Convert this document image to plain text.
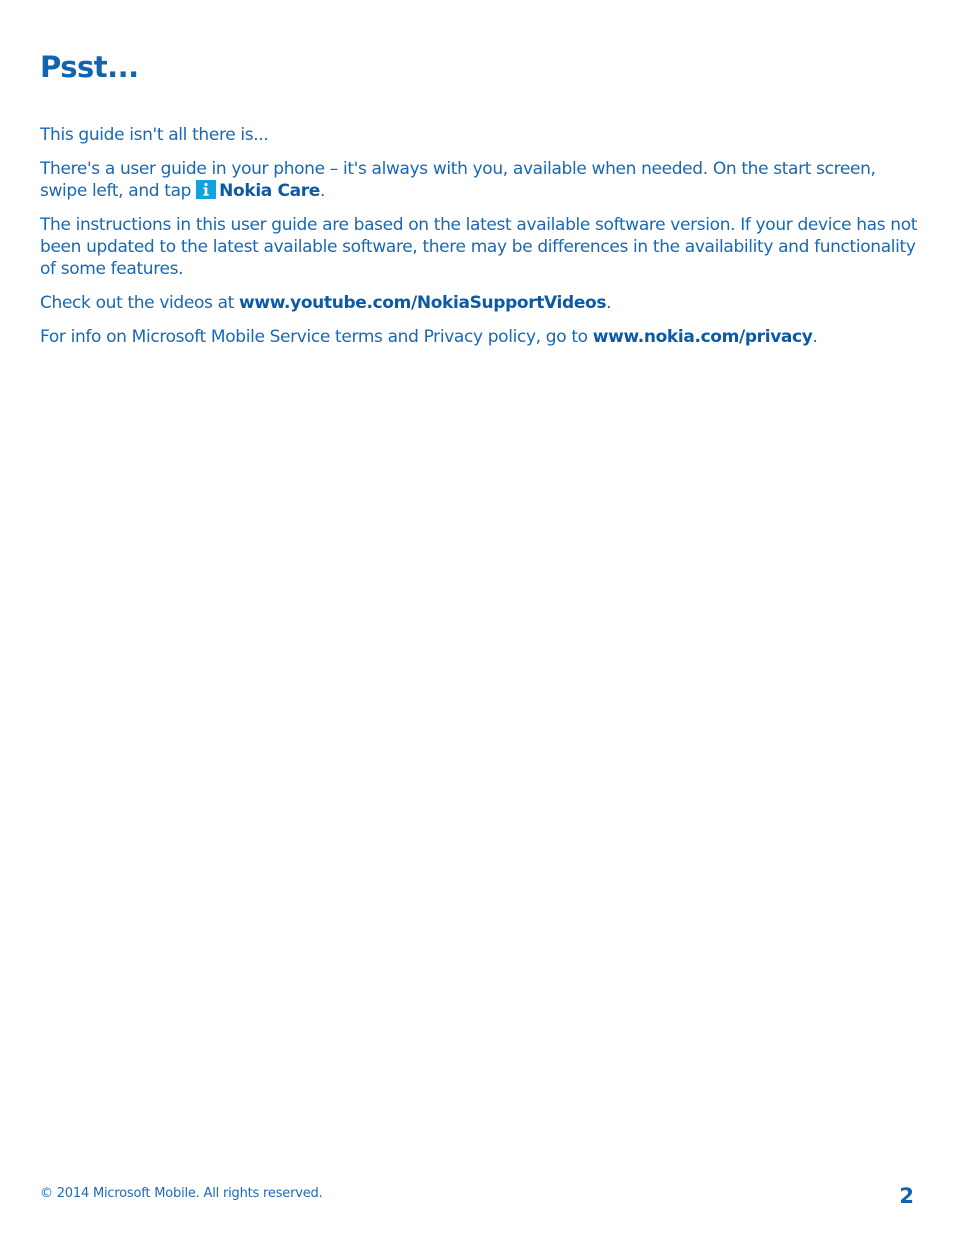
Psst...

This guide isn't all there is...

There's a user guide in your phone – it's always with you, available when needed. On the start screen, swipe left, and tap
Nokia Care.

The instructions in this user guide are based on the latest available software version. If your device has not been updated to the latest available software, there may be differences in the availability and functionality of some features.

Check out the videos at www.youtube.com/NokiaSupportVideos.

For info on Microsoft Mobile Service terms and Privacy policy, go to www.nokia.com/privacy.

© 2014 Microsoft Mobile. All rights reserved.	2
